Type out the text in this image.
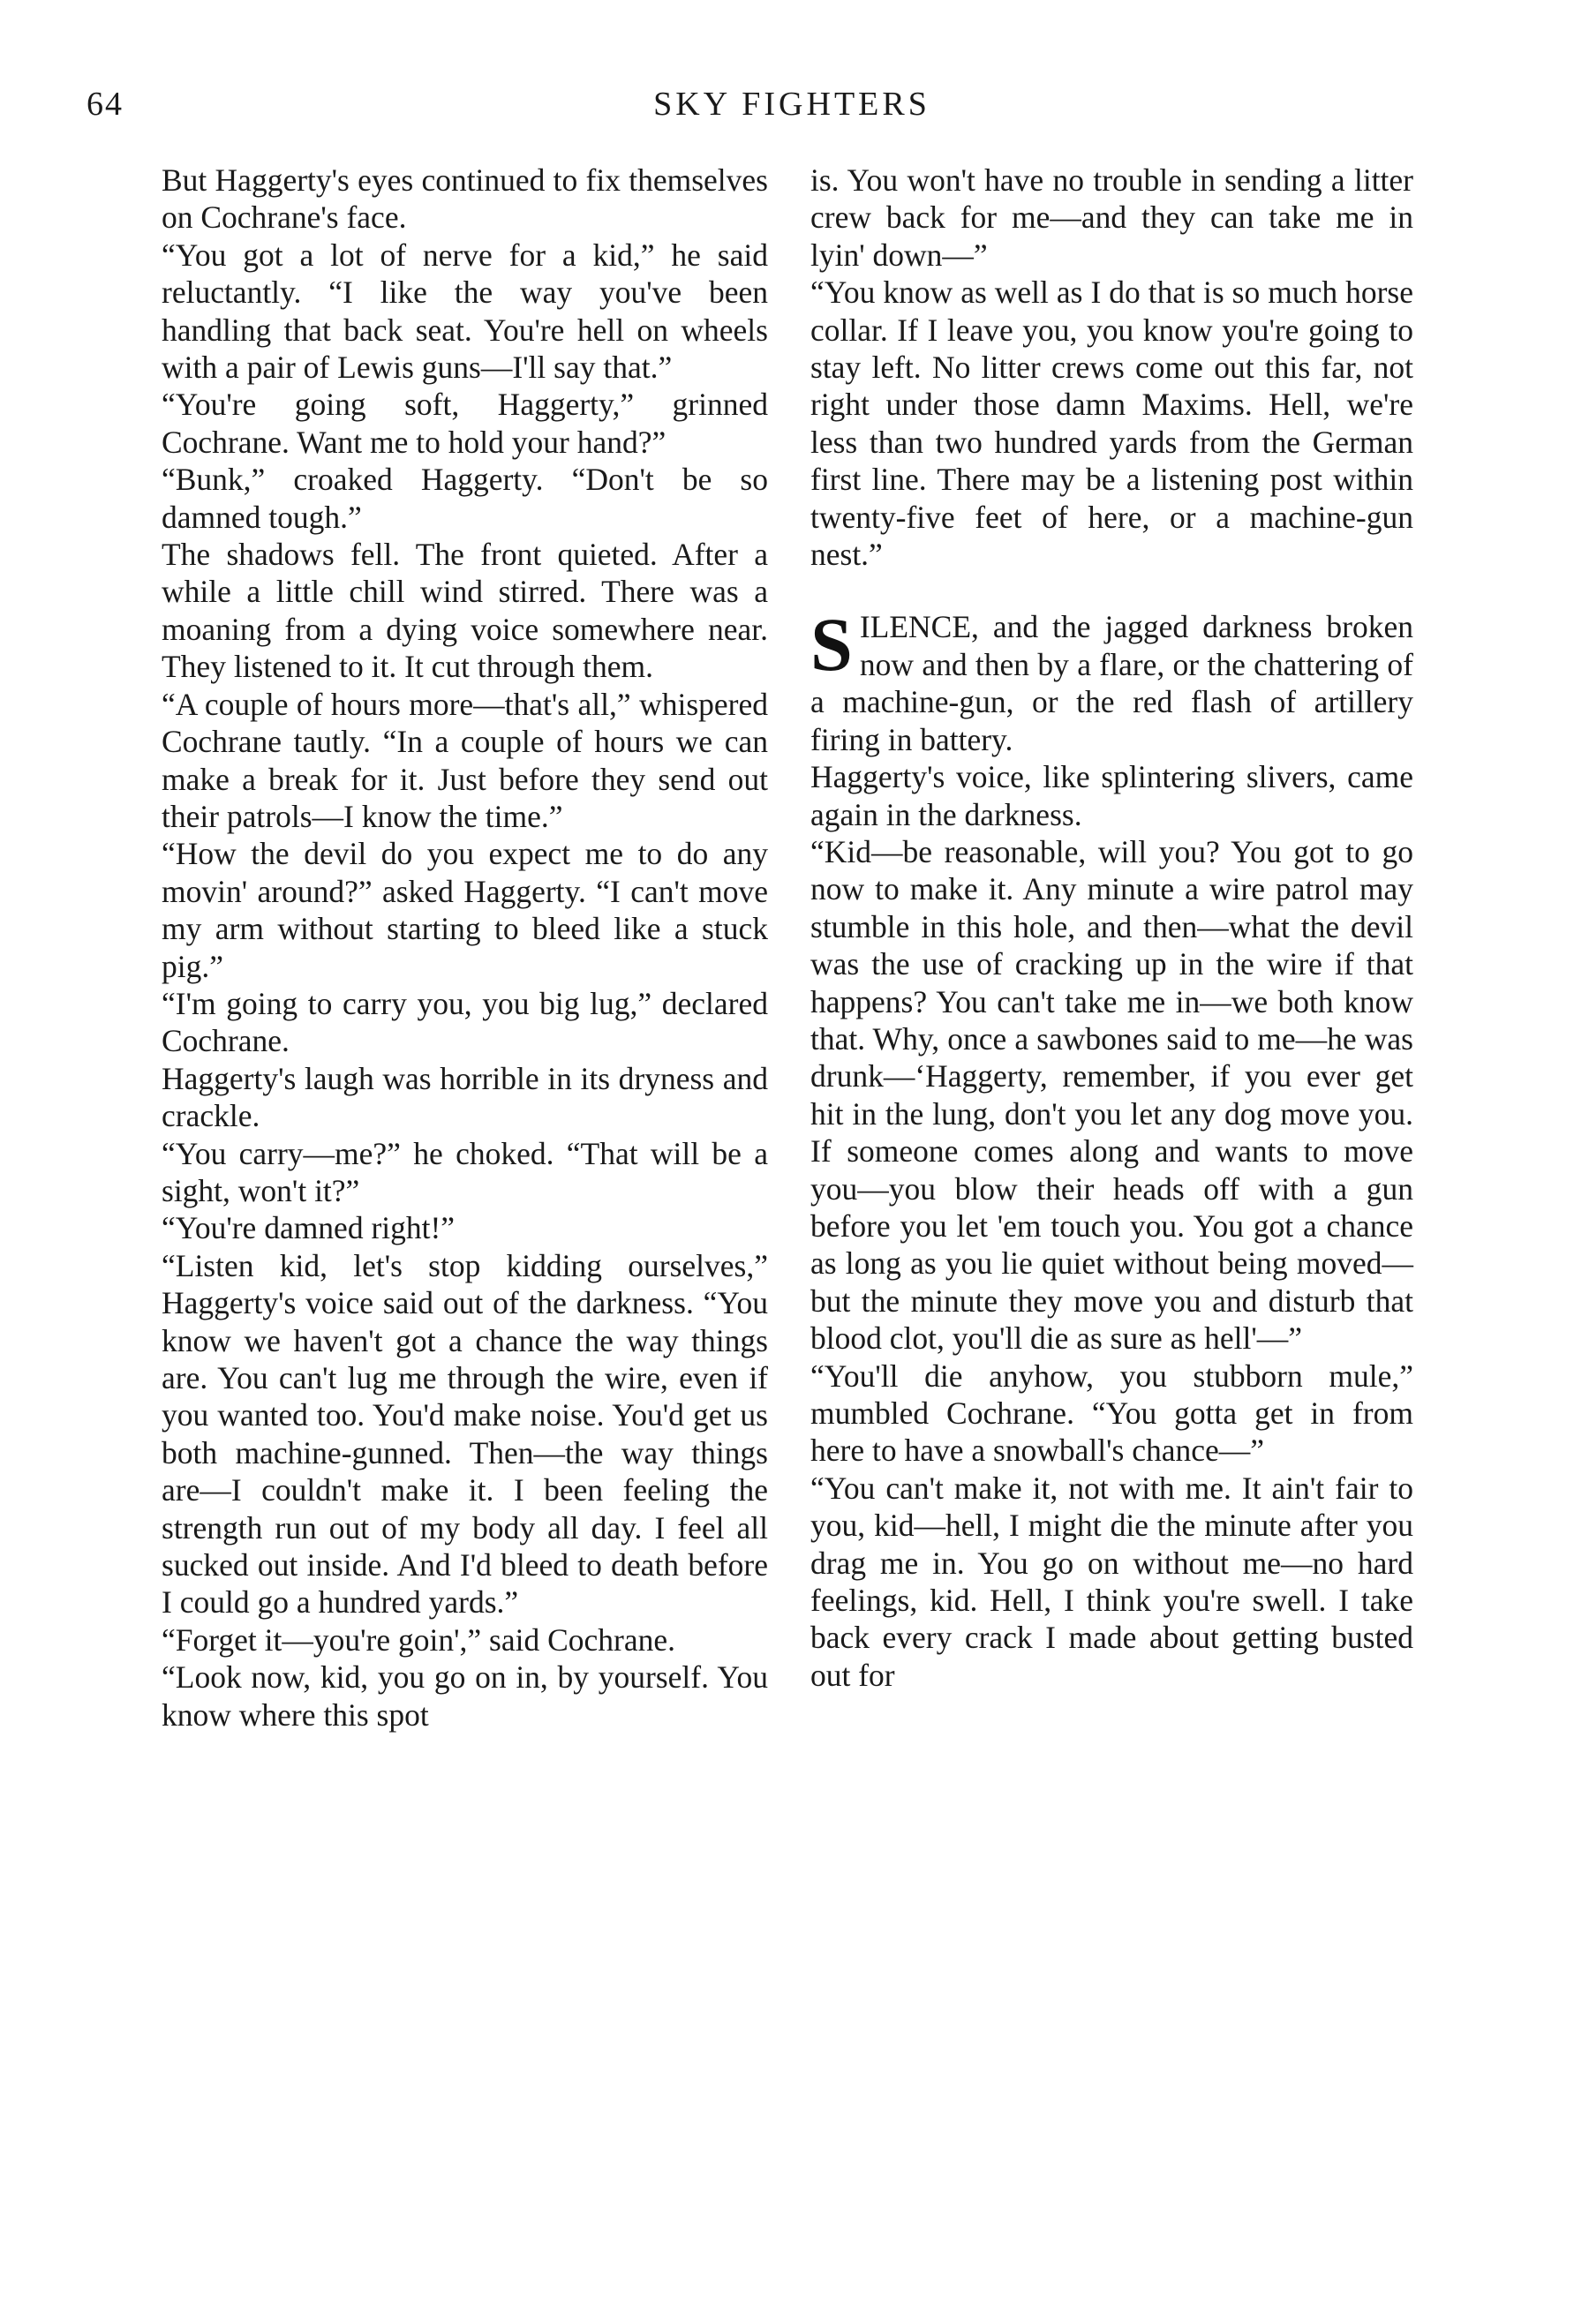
64	SKY FIGHTERS

But Haggerty's eyes continued to fix themselves on Cochrane's face.

“You got a lot of nerve for a kid,” he said reluctantly. “I like the way you've been handling that back seat. You're hell on wheels with a pair of Lewis guns—I'll say that.”

“You're going soft, Haggerty,” grinned Cochrane. Want me to hold your hand?”

“Bunk,” croaked Haggerty. “Don't be so damned tough.”

The shadows fell. The front quieted. After a while a little chill wind stirred. There was a moaning from a dying voice somewhere near. They listened to it. It cut through them.

“A couple of hours more—that's all,” whispered Cochrane tautly. “In a couple of hours we can make a break for it. Just before they send out their patrols—I know the time.”

“How the devil do you expect me to do any movin' around?” asked Haggerty. “I can't move my arm without starting to bleed like a stuck pig.”

“I'm going to carry you, you big lug,” declared Cochrane.

Haggerty's laugh was horrible in its dryness and crackle.

“You carry—me?” he choked. “That will be a sight, won't it?”

“You're damned right!”

“Listen kid, let's stop kidding ourselves,” Haggerty's voice said out of the darkness. “You know we haven't got a chance the way things are. You can't lug me through the wire, even if you wanted too. You'd make noise. You'd get us both machine-gunned. Then—the way things are—I couldn't make it. I been feeling the strength run out of my body all day. I feel all sucked out inside. And I'd bleed to death before I could go a hundred yards.”

“Forget it—you're goin',” said Cochrane.

“Look now, kid, you go on in, by yourself. You know where this spot

is. You won't have no trouble in sending a litter crew back for me—and they can take me in lyin' down—”

“You know as well as I do that is so much horse collar. If I leave you, you know you're going to stay left. No litter crews come out this far, not right under those damn Maxims. Hell, we're less than two hundred yards from the German first line. There may be a listening post within twenty-five feet of here, or a machine-gun nest.”

SILENCE, and the jagged darkness broken now and then by a flare, or the chattering of a machine-gun, or the red flash of artillery firing in battery.

Haggerty's voice, like splintering slivers, came again in the darkness.

“Kid—be reasonable, will you? You got to go now to make it. Any minute a wire patrol may stumble in this hole, and then—what the devil was the use of cracking up in the wire if that happens? You can't take me in—we both know that. Why, once a sawbones said to me—he was drunk—‘Haggerty, remember, if you ever get hit in the lung, don't you let any dog move you. If someone comes along and wants to move you—you blow their heads off with a gun before you let 'em touch you. You got a chance as long as you lie quiet without being moved—but the minute they move you and disturb that blood clot, you'll die as sure as hell'—”

“You'll die anyhow, you stubborn mule,” mumbled Cochrane. “You gotta get in from here to have a snowball's chance—”

“You can't make it, not with me. It ain't fair to you, kid—hell, I might die the minute after you drag me in. You go on without me—no hard feelings, kid. Hell, I think you're swell. I take back every crack I made about getting busted out for
